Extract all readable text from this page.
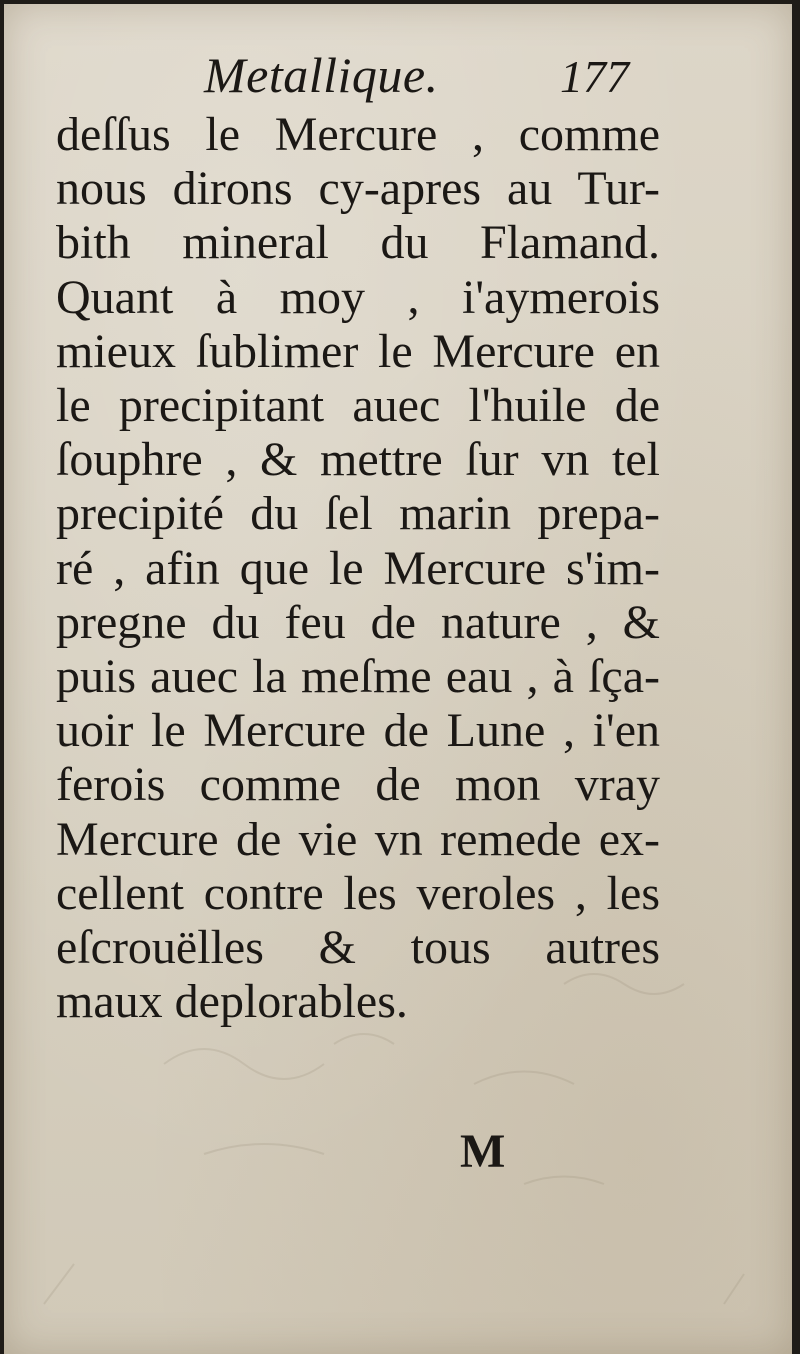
Metallique.	177
deſſus le Mercure , comme
nous dirons cy-apres au Tur-
bith mineral du Flamand.
Quant à moy , i'aymerois
mieux ſublimer le Mercure en
le precipitant auec l'huile de
ſouphre , & mettre ſur vn tel
precipité du ſel marin prepa-
ré , afin que le Mercure s'im-
pregne du feu de nature , &
puis auec la meſme eau , à ſça-
uoir le Mercure de Lune , i'en
ferois comme de mon vray
Mercure de vie vn remede ex-
cellent contre les veroles , les
eſcrouëlles & tous autres
maux deplorables.
M
